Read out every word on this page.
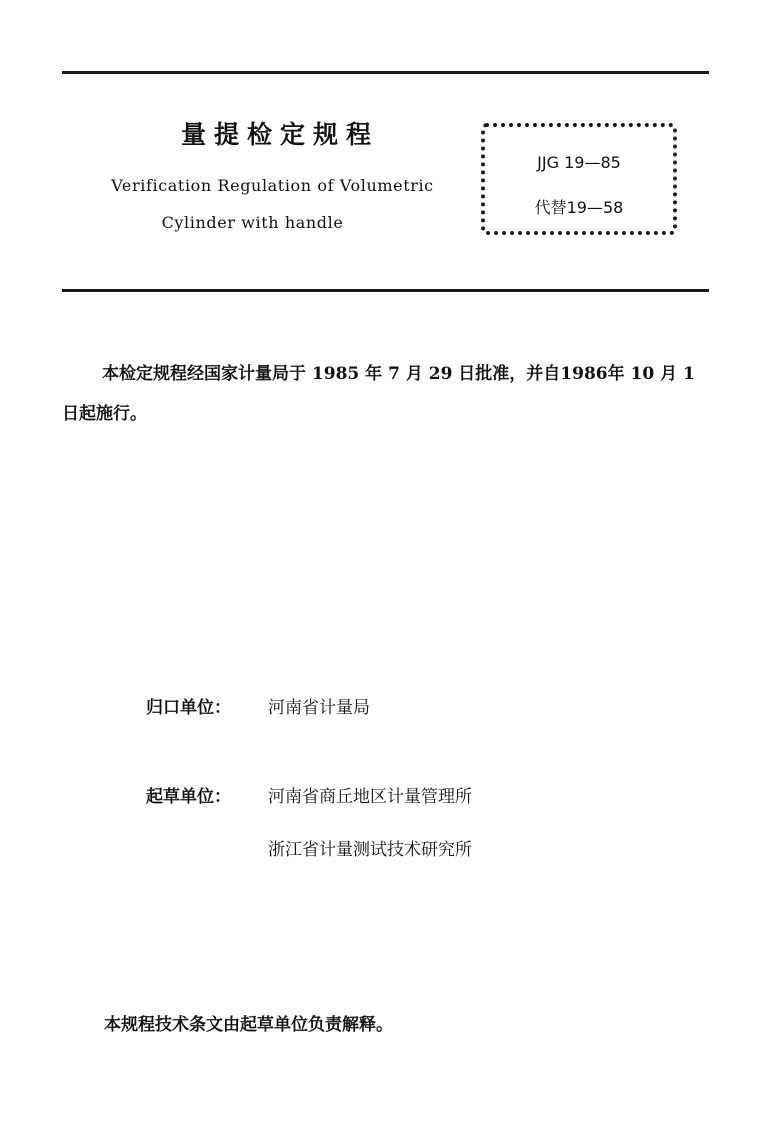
量提检定规程
Verification Regulation of Volumetric
Cylinder with handle
JJG 19—85
代替19—58
本检定规程经国家计量局于 1985 年 7 月 29 日批准，并自1986年 10 月 1 日起施行。
归口单位： 河南省计量局
起草单位： 河南省商丘地区计量管理所
浙江省计量测试技术研究所
本规程技术条文由起草单位负责解释。
